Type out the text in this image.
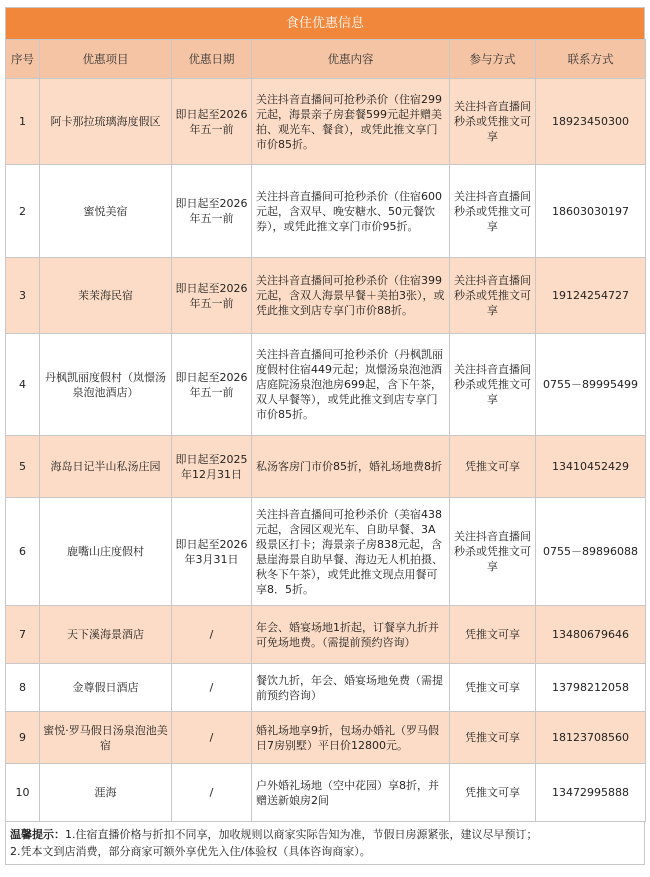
食住优惠信息
序号	优惠项目	优惠日期	优惠内容	参与方式	联系方式
1	阿卡那拉琉璃海度假区	即日起至2026年五一前	关注抖音直播间可抢秒杀价（住宿299元起，海景亲子房套餐599元起并赠美拍、观光车、餐食），或凭此推文享门市价85折。	关注抖音直播间秒杀或凭推文可享	18923450300
2	蜜悦美宿	即日起至2026年五一前	关注抖音直播间可抢秒杀价（住宿600元起，含双早、晚安糖水、50元餐饮券），或凭此推文享门市价95折。	关注抖音直播间秒杀或凭推文可享	18603030197
3	茉茉海民宿	即日起至2026年五一前	关注抖音直播间可抢秒杀价（住宿399元起，含双人海景早餐＋美拍3张），或凭此推文到店专享门市价88折。	关注抖音直播间秒杀或凭推文可享	19124254727
4	丹枫凯丽度假村（岚憬汤泉泡池酒店）	即日起至2026年五一前	关注抖音直播间可抢秒杀价（丹枫凯丽度假村住宿449元起；岚憬汤泉泡池酒店庭院汤泉泡池房699起，含下午茶，双人早餐等），或凭此推文到店专享门市价85折。	关注抖音直播间秒杀或凭推文可享	0755－89995499
5	海岛日记半山私汤庄园	即日起至2025年12月31日	私汤客房门市价85折，婚礼场地费8折	凭推文可享	13410452429
6	鹿嘴山庄度假村	即日起至2026年3月31日	关注抖音直播间可抢秒杀价（美宿438元起，含园区观光车、自助早餐、3A级景区打卡；海景亲子房838元起，含悬崖海景自助早餐、海边无人机拍摄、秋冬下午茶），或凭此推文现点用餐可享8．5折。	关注抖音直播间秒杀或凭推文可享	0755－89896088
7	天下溪海景酒店	/	年会、婚宴场地1折起，订餐享九折并可免场地费。（需提前预约咨询）	凭推文可享	13480679646
8	金尊假日酒店	/	餐饮九折，年会、婚宴场地免费（需提前预约咨询）	凭推文可享	13798212058
9	蜜悦·罗马假日汤泉泡池美宿	/	婚礼场地享9折，包场办婚礼（罗马假日7房别墅）平日价12800元。	凭推文可享	18123708560
10	涯海	/	户外婚礼场地（空中花园）享8折，并赠送新娘房2间	凭推文可享	13472995888
温馨提示：1.住宿直播价格与折扣不同享，加收规则以商家实际告知为准，节假日房源紧张，建议尽早预订；
2.凭本文到店消费，部分商家可额外享优先入住/体验权（具体咨询商家）。
